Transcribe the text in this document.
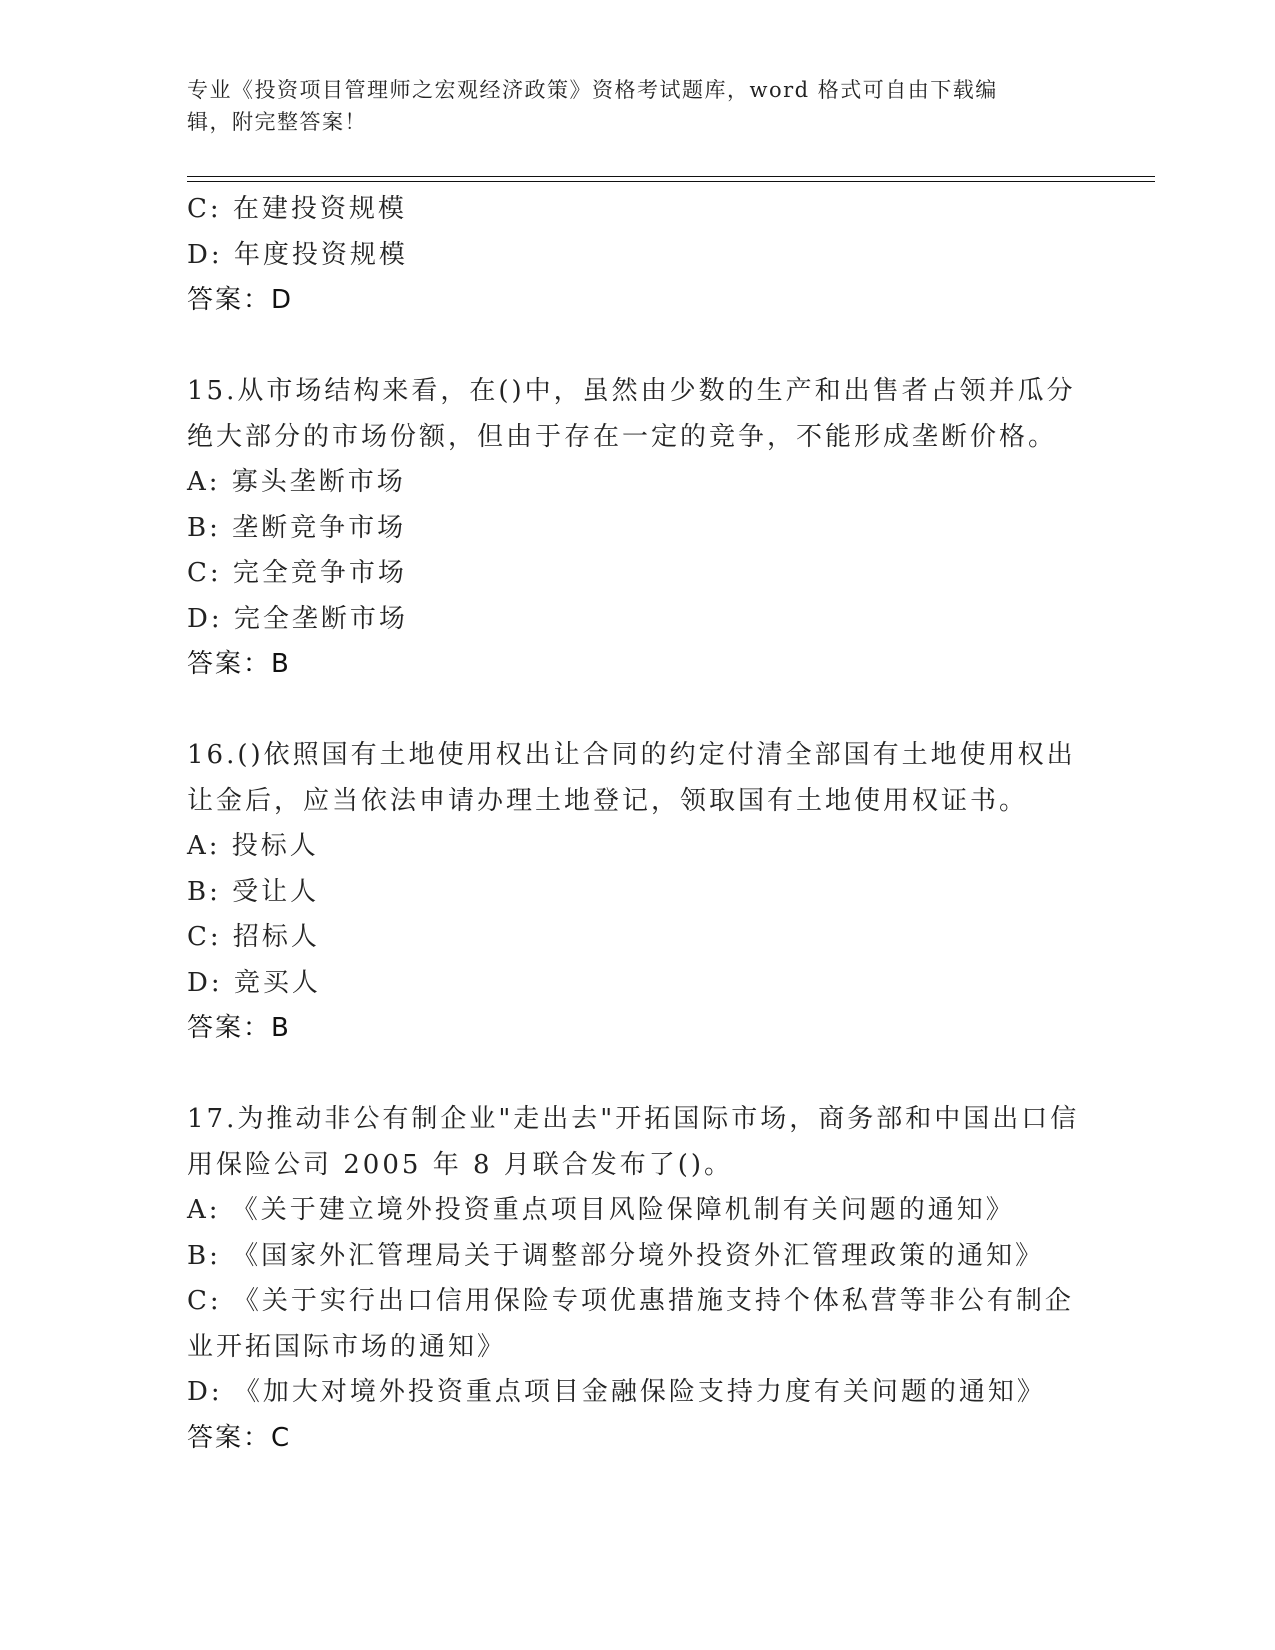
专业《投资项目管理师之宏观经济政策》资格考试题库，word 格式可自由下载编
辑，附完整答案！
C: 在建投资规模
D: 年度投资规模
答案：D
15.从市场结构来看，在()中，虽然由少数的生产和出售者占领并瓜分
绝大部分的市场份额，但由于存在一定的竞争，不能形成垄断价格。
A: 寡头垄断市场
B: 垄断竞争市场
C: 完全竞争市场
D: 完全垄断市场
答案：B
16.()依照国有土地使用权出让合同的约定付清全部国有土地使用权出
让金后，应当依法申请办理土地登记，领取国有土地使用权证书。
A: 投标人
B: 受让人
C: 招标人
D: 竞买人
答案：B
17.为推动非公有制企业"走出去"开拓国际市场，商务部和中国出口信
用保险公司 2005 年 8 月联合发布了()。
A: 《关于建立境外投资重点项目风险保障机制有关问题的通知》
B: 《国家外汇管理局关于调整部分境外投资外汇管理政策的通知》
C: 《关于实行出口信用保险专项优惠措施支持个体私营等非公有制企
业开拓国际市场的通知》
D: 《加大对境外投资重点项目金融保险支持力度有关问题的通知》
答案：C
